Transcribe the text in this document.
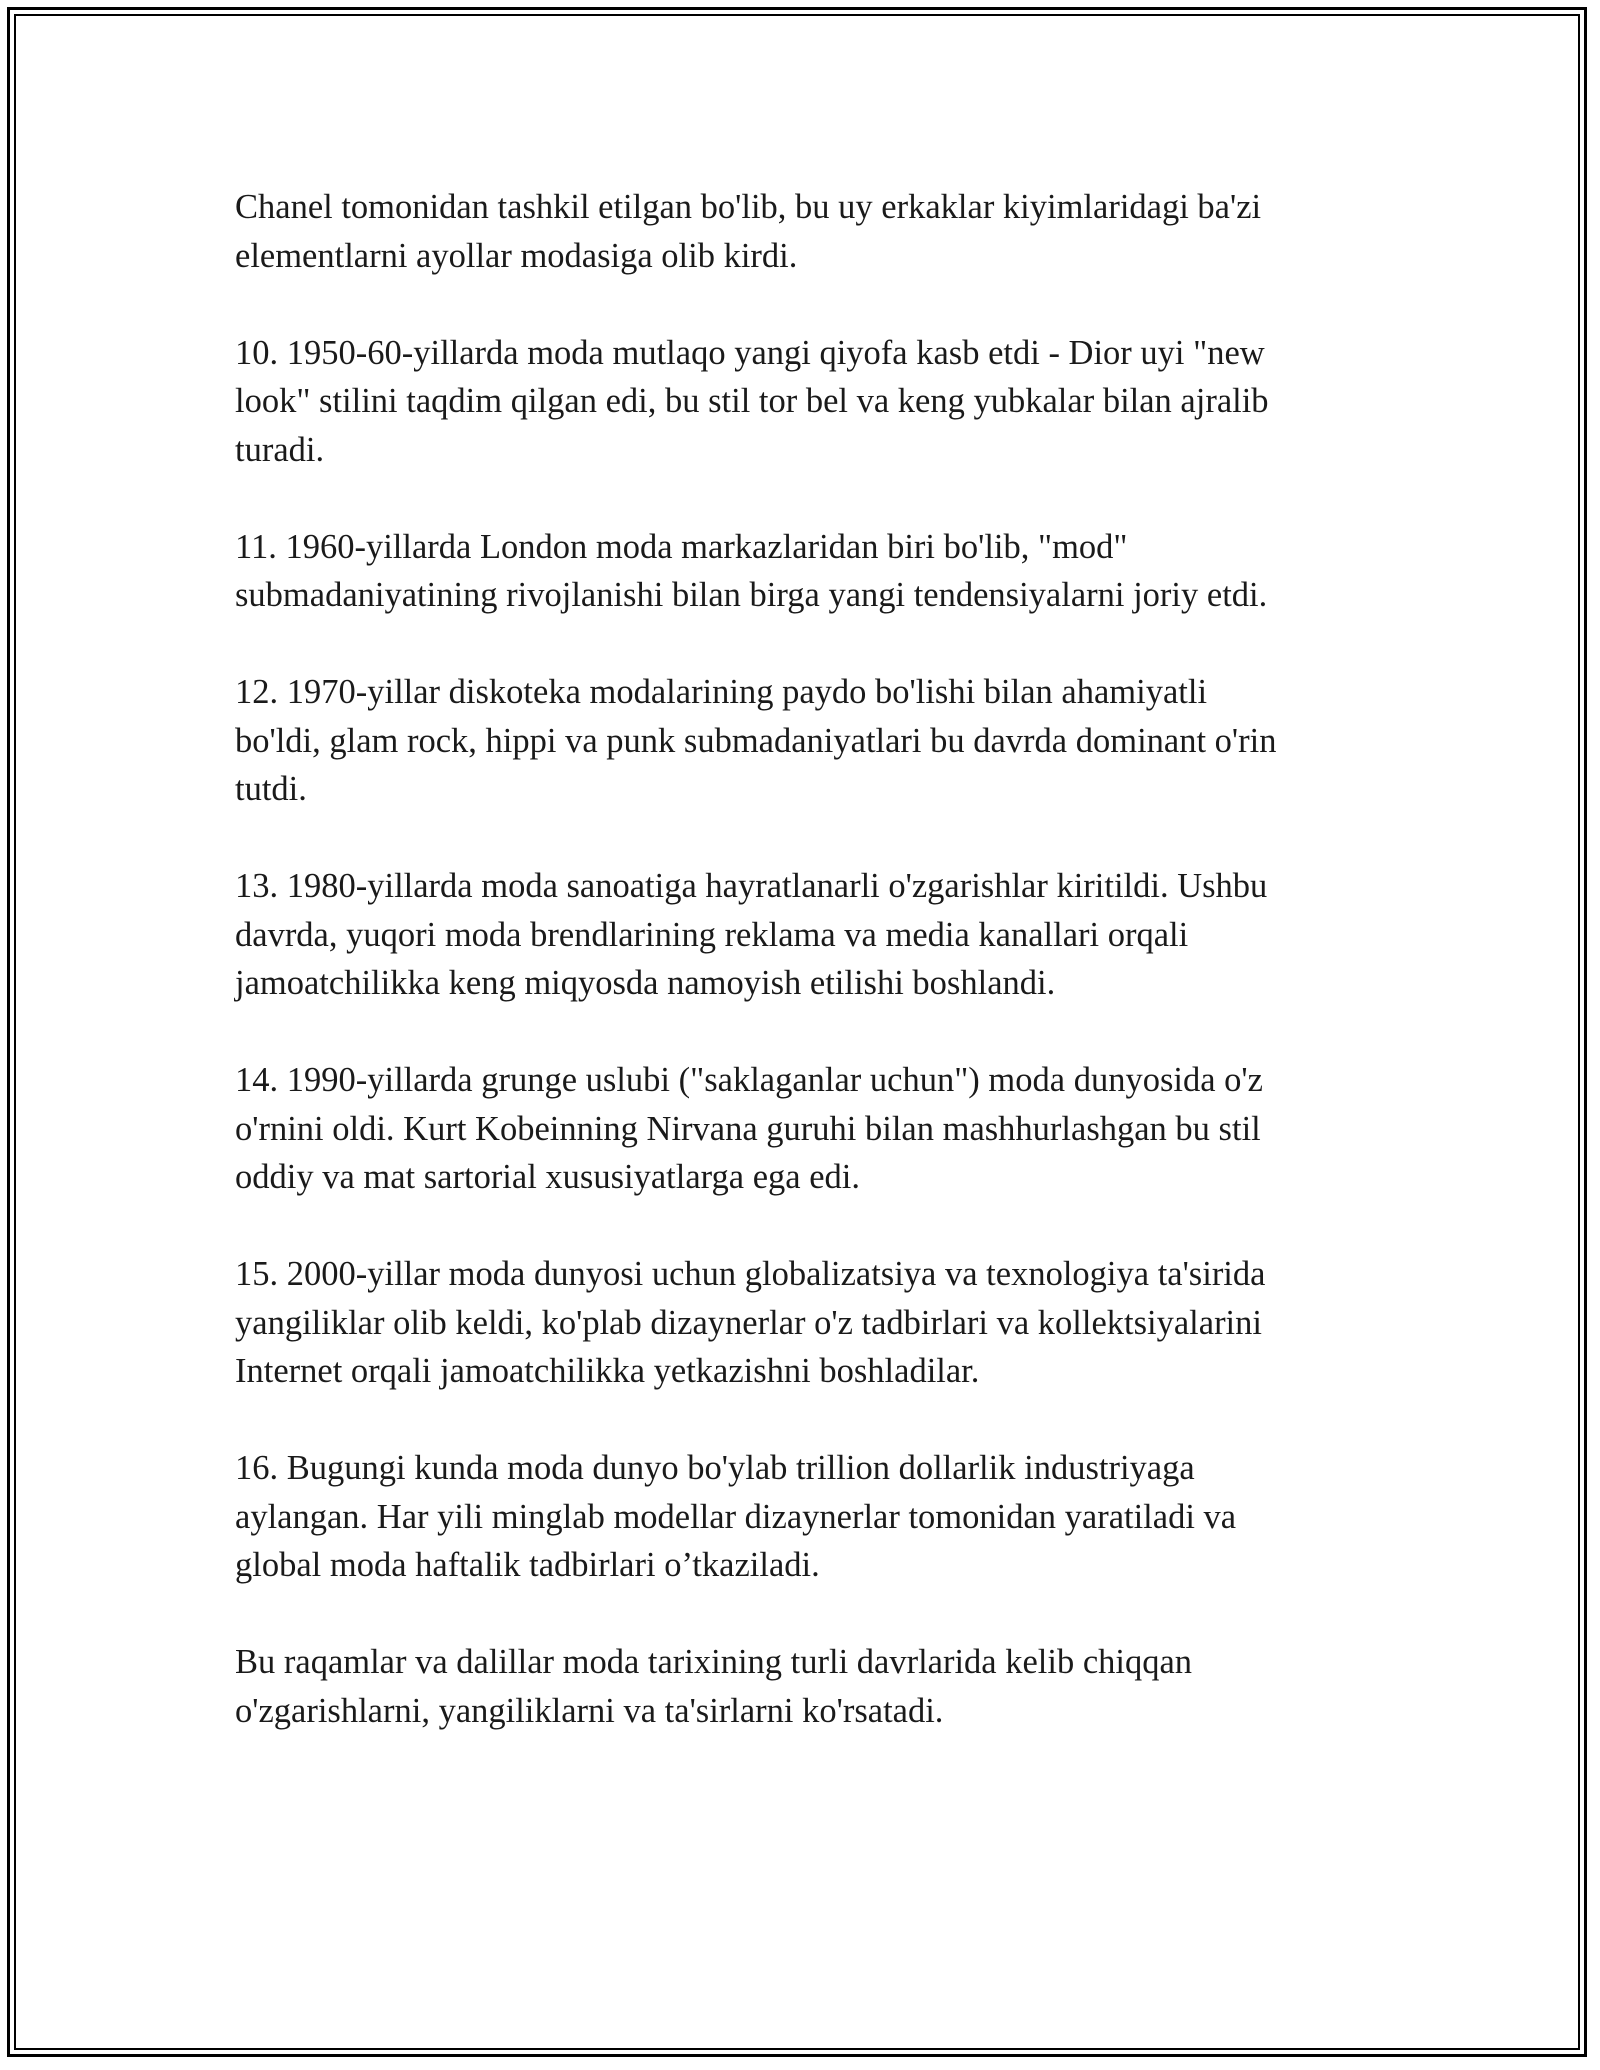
Chanel tomonidan tashkil etilgan bo'lib, bu uy erkaklar kiyimlaridagi ba'zi
elementlarni ayollar modasiga olib kirdi.

10. 1950-60-yillarda moda mutlaqo yangi qiyofa kasb etdi - Dior uyi "new
look" stilini taqdim qilgan edi, bu stil tor bel va keng yubkalar bilan ajralib
turadi.

11. 1960-yillarda London moda markazlaridan biri bo'lib, "mod"
submadaniyatining rivojlanishi bilan birga yangi tendensiyalarni joriy etdi.

12. 1970-yillar diskoteka modalarining paydo bo'lishi bilan ahamiyatli
bo'ldi, glam rock, hippi va punk submadaniyatlari bu davrda dominant o'rin
tutdi.

13. 1980-yillarda moda sanoatiga hayratlanarli o'zgarishlar kiritildi. Ushbu
davrda, yuqori moda brendlarining reklama va media kanallari orqali
jamoatchilikka keng miqyosda namoyish etilishi boshlandi.

14. 1990-yillarda grunge uslubi ("saklaganlar uchun") moda dunyosida o'z
o'rnini oldi. Kurt Kobeinning Nirvana guruhi bilan mashhurlashgan bu stil
oddiy va mat sartorial xususiyatlarga ega edi.

15. 2000-yillar moda dunyosi uchun globalizatsiya va texnologiya ta'sirida
yangiliklar olib keldi, ko'plab dizaynerlar o'z tadbirlari va kollektsiyalarini
Internet orqali jamoatchilikka yetkazishni boshladilar.

16. Bugungi kunda moda dunyo bo'ylab trillion dollarlik industriyaga
aylangan. Har yili minglab modellar dizaynerlar tomonidan yaratiladi va
global moda haftalik tadbirlari o’tkaziladi.

Bu raqamlar va dalillar moda tarixining turli davrlarida kelib chiqqan
o'zgarishlarni, yangiliklarni va ta'sirlarni ko'rsatadi.
